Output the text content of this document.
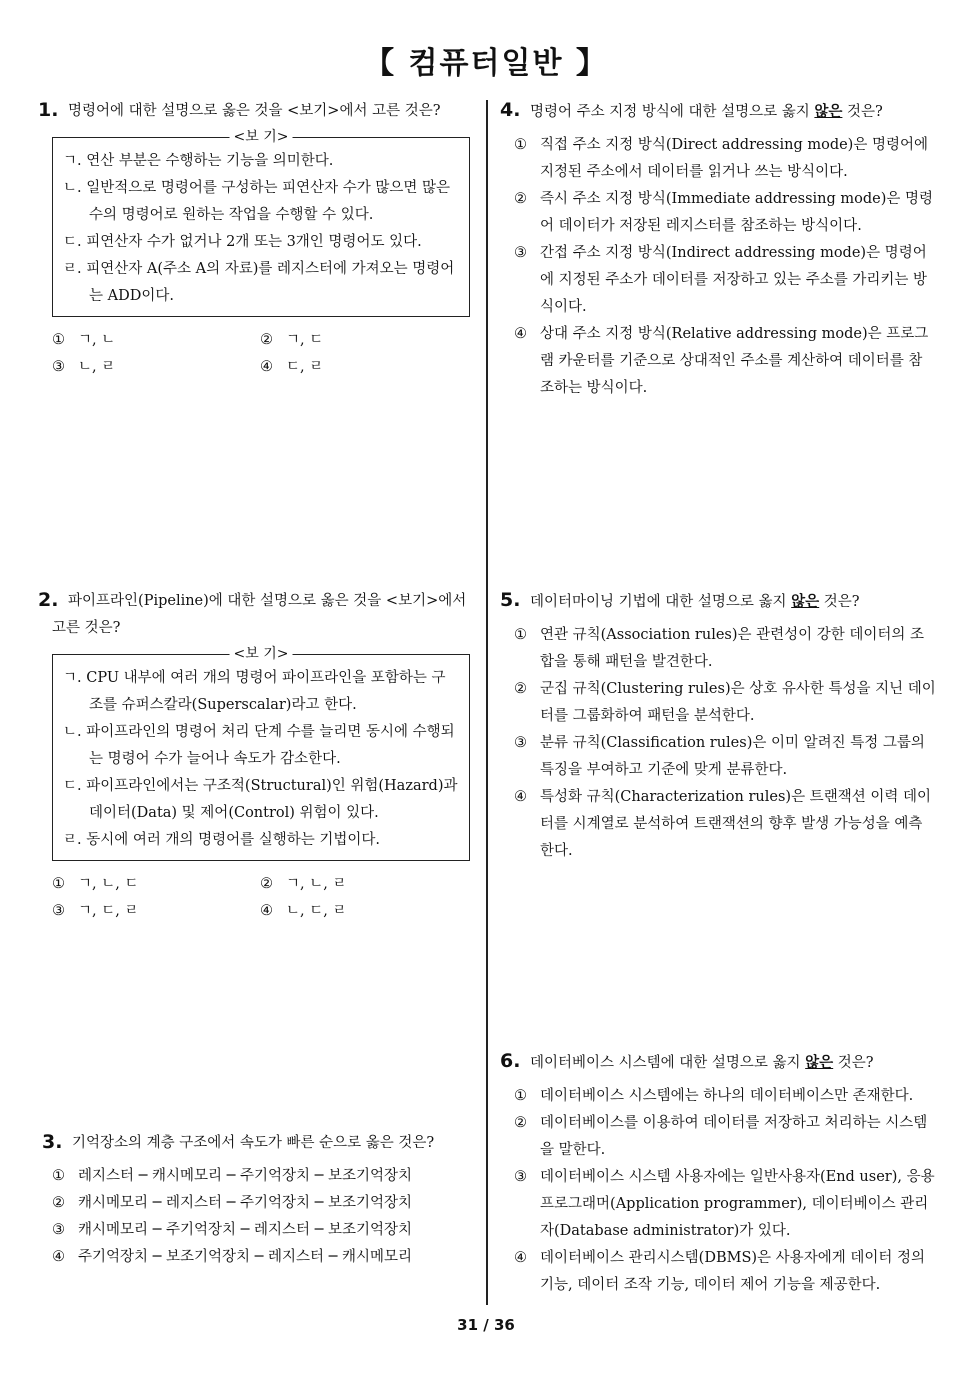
【 컴퓨터일반 】
1. 명령어에 대한 설명으로 옳은 것을 <보기>에서 고른 것은?
<보 기>
ㄱ. 연산 부분은 수행하는 기능을 의미한다.
ㄴ. 일반적으로 명령어를 구성하는 피연산자 수가 많으면 많은 수의 명령어로 원하는 작업을 수행할 수 있다.
ㄷ. 피연산자 수가 없거나 2개 또는 3개인 명령어도 있다.
ㄹ. 피연산자 A(주소 A의 자료)를 레지스터에 가져오는 명령어는 ADD이다.
① ㄱ, ㄴ	② ㄱ, ㄷ
③ ㄴ, ㄹ	④ ㄷ, ㄹ
2. 파이프라인(Pipeline)에 대한 설명으로 옳은 것을 <보기>에서
고른 것은?
<보 기>
ㄱ. CPU 내부에 여러 개의 명령어 파이프라인을 포함하는 구조를 슈퍼스칼라(Superscalar)라고 한다.
ㄴ. 파이프라인의 명령어 처리 단계 수를 늘리면 동시에 수행되는 명령어 수가 늘어나 속도가 감소한다.
ㄷ. 파이프라인에서는 구조적(Structural)인 위험(Hazard)과 데이터(Data) 및 제어(Control) 위험이 있다.
ㄹ. 동시에 여러 개의 명령어를 실행하는 기법이다.
① ㄱ, ㄴ, ㄷ	② ㄱ, ㄴ, ㄹ
③ ㄱ, ㄷ, ㄹ	④ ㄴ, ㄷ, ㄹ
3. 기억장소의 계층 구조에서 속도가 빠른 순으로 옳은 것은?
① 레지스터 ─ 캐시메모리 ─ 주기억장치 ─ 보조기억장치
② 캐시메모리 ─ 레지스터 ─ 주기억장치 ─ 보조기억장치
③ 캐시메모리 ─ 주기억장치 ─ 레지스터 ─ 보조기억장치
④ 주기억장치 ─ 보조기억장치 ─ 레지스터 ─ 캐시메모리
4. 명령어 주소 지정 방식에 대한 설명으로 옳지 않은 것은?
① 직접 주소 지정 방식(Direct addressing mode)은 명령어에 지정된 주소에서 데이터를 읽거나 쓰는 방식이다.
② 즉시 주소 지정 방식(Immediate addressing mode)은 명령어 데이터가 저장된 레지스터를 참조하는 방식이다.
③ 간접 주소 지정 방식(Indirect addressing mode)은 명령어에 지정된 주소가 데이터를 저장하고 있는 주소를 가리키는 방식이다.
④ 상대 주소 지정 방식(Relative addressing mode)은 프로그램 카운터를 기준으로 상대적인 주소를 계산하여 데이터를 참조하는 방식이다.
5. 데이터마이닝 기법에 대한 설명으로 옳지 않은 것은?
① 연관 규칙(Association rules)은 관련성이 강한 데이터의 조합을 통해 패턴을 발견한다.
② 군집 규칙(Clustering rules)은 상호 유사한 특성을 지닌 데이터를 그룹화하여 패턴을 분석한다.
③ 분류 규칙(Classification rules)은 이미 알려진 특정 그룹의 특징을 부여하고 기준에 맞게 분류한다.
④ 특성화 규칙(Characterization rules)은 트랜잭션 이력 데이터를 시계열로 분석하여 트랜잭션의 향후 발생 가능성을 예측한다.
6. 데이터베이스 시스템에 대한 설명으로 옳지 않은 것은?
① 데이터베이스 시스템에는 하나의 데이터베이스만 존재한다.
② 데이터베이스를 이용하여 데이터를 저장하고 처리하는 시스템을 말한다.
③ 데이터베이스 시스템 사용자에는 일반사용자(End user), 응용 프로그래머(Application programmer), 데이터베이스 관리자(Database administrator)가 있다.
④ 데이터베이스 관리시스템(DBMS)은 사용자에게 데이터 정의 기능, 데이터 조작 기능, 데이터 제어 기능을 제공한다.
31 / 36
